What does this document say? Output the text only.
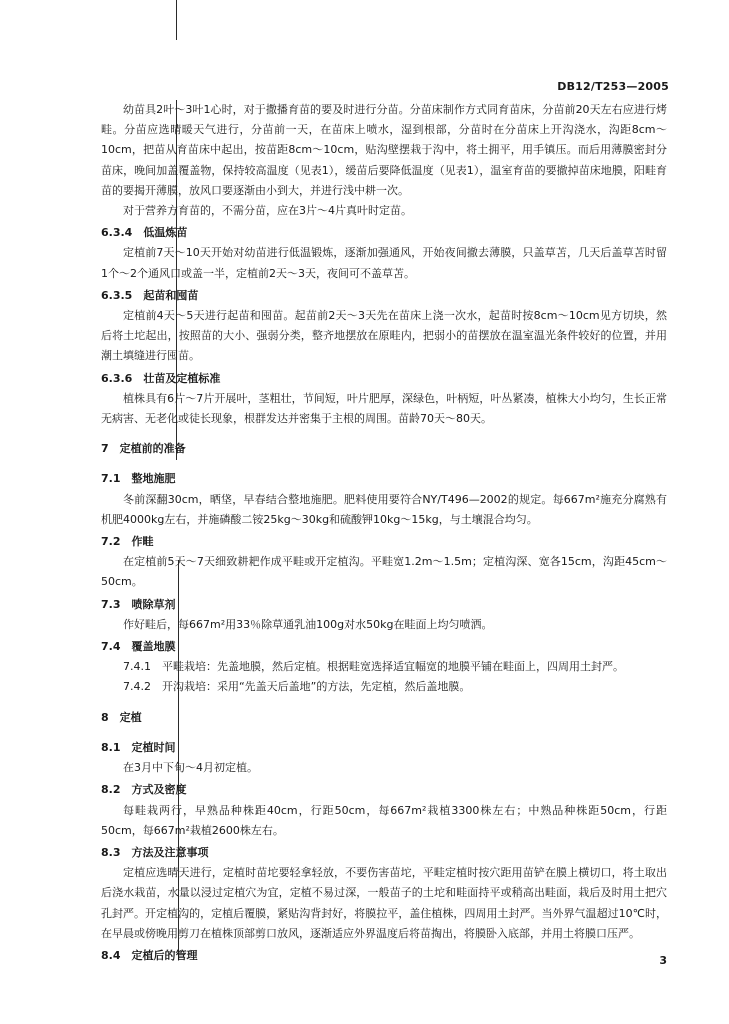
DB12/T253—2005
幼苗具2叶～3叶1心时，对于撒播育苗的要及时进行分苗。分苗床制作方式同育苗床，分苗前20天左右应进行烤畦。分苗应选晴暖天气进行，分苗前一天，在苗床上喷水，湿到根部，分苗时在分苗床上开沟浇水，沟距8cm～10cm，把苗从育苗床中起出，按苗距8cm～10cm，贴沟壁摆栽于沟中，将土拥平，用手镇压。而后用薄膜密封分苗床，晚间加盖覆盖物，保持较高温度（见表1），缓苗后要降低温度（见表1），温室育苗的要撤掉苗床地膜，阳畦育苗的要揭开薄膜，放风口要逐渐由小到大，并进行浅中耕一次。
对于营养方育苗的，不需分苗，应在3片～4片真叶时定苗。
6.3.4　低温炼苗
定植前7天～10天开始对幼苗进行低温锻炼，逐渐加强通风，开始夜间撤去薄膜，只盖草苫，几天后盖草苫时留1个～2个通风口或盖一半，定植前2天～3天，夜间可不盖草苫。
6.3.5　起苗和囤苗
定植前4天～5天进行起苗和囤苗。起苗前2天～3天先在苗床上浇一次水，起苗时按8cm～10cm见方切块，然后将土坨起出，按照苗的大小、强弱分类，整齐地摆放在原畦内，把弱小的苗摆放在温室温光条件较好的位置，并用潮土填缝进行囤苗。
6.3.6　壮苗及定植标准
植株具有6片～7片开展叶，茎粗壮，节间短，叶片肥厚，深绿色，叶柄短，叶丛紧凑，植株大小均匀，生长正常无病害、无老化或徒长现象，根群发达并密集于主根的周围。苗龄70天～80天。
7　定植前的准备
7.1　整地施肥
冬前深翻30cm，晒垡，早春结合整地施肥。肥料使用要符合NY/T496—2002的规定。每667m²施充分腐熟有机肥4000kg左右，并施磷酸二铵25kg～30kg和硫酸钾10kg～15kg，与土壤混合均匀。
7.2　作畦
在定植前5天～7天细致耕耙作成平畦或开定植沟。平畦宽1.2m～1.5m；定植沟深、宽各15cm，沟距45cm～50cm。
7.3　喷除草剂
作好畦后，每667m²用33％除草通乳油100g对水50kg在畦面上均匀喷洒。
7.4　覆盖地膜
7.4.1　平畦栽培：先盖地膜，然后定植。根据畦宽选择适宜幅宽的地膜平铺在畦面上，四周用土封严。
7.4.2　开沟栽培：采用“先盖天后盖地”的方法，先定植，然后盖地膜。
8　定植
8.1　定植时间
在3月中下旬～4月初定植。
8.2　方式及密度
每畦栽两行，早熟品种株距40cm，行距50cm，每667m²栽植3300株左右；中熟品种株距50cm，行距50cm，每667m²栽植2600株左右。
8.3　方法及注意事项
定植应选晴天进行，定植时苗坨要轻拿轻放，不要伤害苗坨，平畦定植时按穴距用苗铲在膜上横切口，将土取出后浇水栽苗，水量以浸过定植穴为宜，定植不易过深，一般苗子的土坨和畦面持平或稍高出畦面，栽后及时用土把穴孔封严。开定植沟的，定植后覆膜，紧贴沟背封好，将膜拉平，盖住植株，四周用土封严。当外界气温超过10℃时，在早晨或傍晚用剪刀在植株顶部剪口放风，逐渐适应外界温度后将苗掏出，将膜卧入底部，并用土将膜口压严。
8.4　定植后的管理	3
